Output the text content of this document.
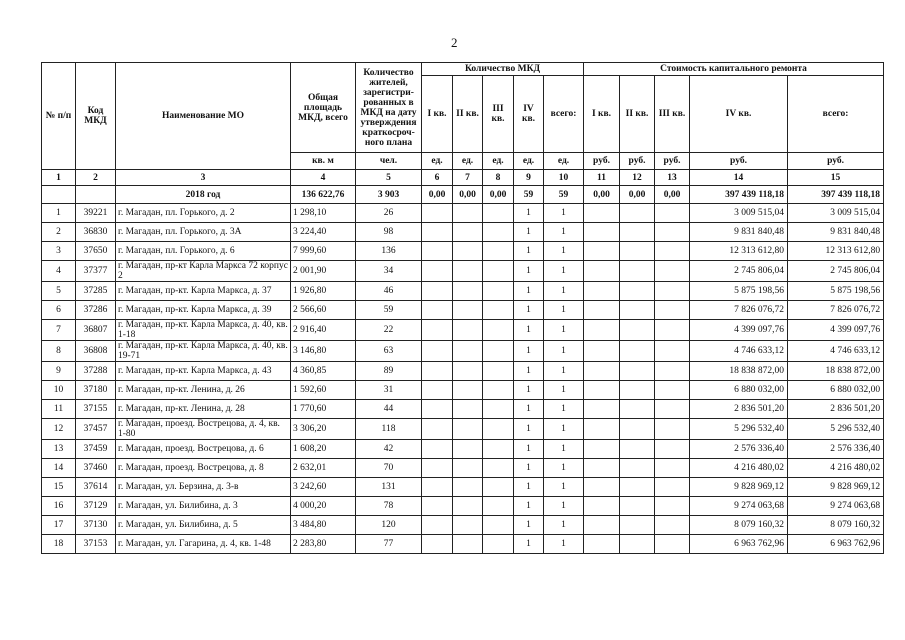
2
№ п/п	Код МКД	Наименование МО	Общая площадь МКД, всего	Количество жителей, зарегистри-рованных в МКД на дату утверждения краткосроч-ного плана	Количество МКД					Стоимость капитального ремонта				
					I кв.	II кв.	III кв.	IV кв.	всего:	I кв.	II кв.	III кв.	IV кв.	всего:
			кв. м	чел.	ед.	ед.	ед.	ед.	ед.	руб.	руб.	руб.	руб.	руб.
1	2	3	4	5	6	7	8	9	10	11	12	13	14	15
		2018 год	136 622,76	3 903	0,00	0,00	0,00	59	59	0,00	0,00	0,00	397 439 118,18	397 439 118,18
1	39221	г. Магадан, пл. Горького, д. 2	1 298,10	26				1	1				3 009 515,04	3 009 515,04
2	36830	г. Магадан, пл. Горького, д. 3А	3 224,40	98				1	1				9 831 840,48	9 831 840,48
3	37650	г. Магадан, пл. Горького, д. 6	7 999,60	136				1	1				12 313 612,80	12 313 612,80
4	37377	г. Магадан, пр-кт Карла Маркса 72 корпус 2	2 001,90	34				1	1				2 745 806,04	2 745 806,04
5	37285	г. Магадан, пр-кт. Карла Маркса, д. 37	1 926,80	46				1	1				5 875 198,56	5 875 198,56
6	37286	г. Магадан, пр-кт. Карла Маркса, д. 39	2 566,60	59				1	1				7 826 076,72	7 826 076,72
7	36807	г. Магадан, пр-кт. Карла Маркса, д. 40, кв. 1-18	2 916,40	22				1	1				4 399 097,76	4 399 097,76
8	36808	г. Магадан, пр-кт. Карла Маркса, д. 40, кв. 19-71	3 146,80	63				1	1				4 746 633,12	4 746 633,12
9	37288	г. Магадан, пр-кт. Карла Маркса, д. 43	4 360,85	89				1	1				18 838 872,00	18 838 872,00
10	37180	г. Магадан, пр-кт. Ленина, д. 26	1 592,60	31				1	1				6 880 032,00	6 880 032,00
11	37155	г. Магадан, пр-кт. Ленина, д. 28	1 770,60	44				1	1				2 836 501,20	2 836 501,20
12	37457	г. Магадан, проезд. Вострецова, д. 4, кв. 1-80	3 306,20	118				1	1				5 296 532,40	5 296 532,40
13	37459	г. Магадан, проезд. Вострецова, д. 6	1 608,20	42				1	1				2 576 336,40	2 576 336,40
14	37460	г. Магадан, проезд. Вострецова, д. 8	2 632,01	70				1	1				4 216 480,02	4 216 480,02
15	37614	г. Магадан, ул. Берзина, д. 3-в	3 242,60	131				1	1				9 828 969,12	9 828 969,12
16	37129	г. Магадан, ул. Билибина, д. 3	4 000,20	78				1	1				9 274 063,68	9 274 063,68
17	37130	г. Магадан, ул. Билибина, д. 5	3 484,80	120				1	1				8 079 160,32	8 079 160,32
18	37153	г. Магадан, ул. Гагарина, д. 4, кв. 1-48	2 283,80	77				1	1				6 963 762,96	6 963 762,96
